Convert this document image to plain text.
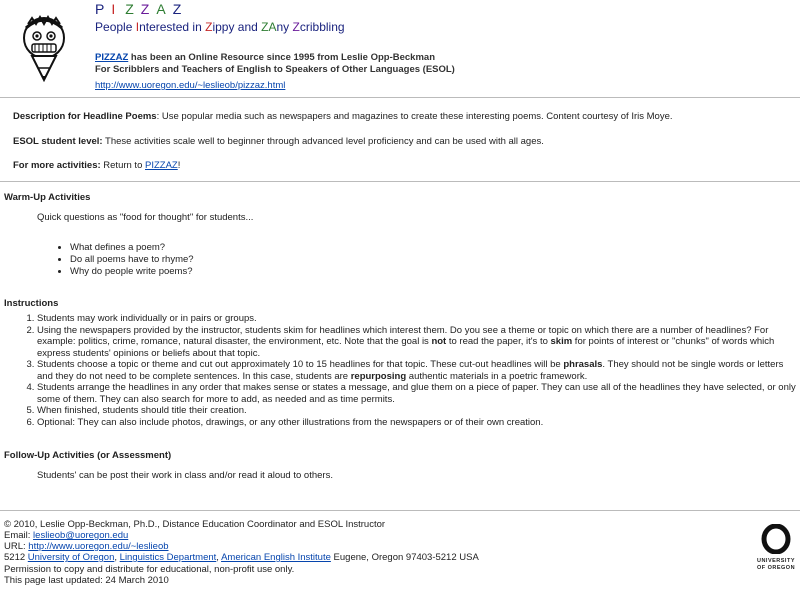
P I Z Z A Z
People Interested in Zippy and ZAny Zcribbling
PIZZAZ has been an Online Resource since 1995 from Leslie Opp-Beckman
For Scribblers and Teachers of English to Speakers of Other Languages (ESOL)
http://www.uoregon.edu/~leslieob/pizzaz.html

Description for Headline Poems: Use popular media such as newspapers and magazines to create these interesting poems. Content courtesy of Iris Moye.

ESOL student level: These activities scale well to beginner through advanced level proficiency and can be used with all ages.

For more activities: Return to PIZZAZ!

Warm-Up Activities
Quick questions as "food for thought" for students...
• What defines a poem?
• Do all poems have to rhyme?
• Why do people write poems?
Instructions
1. Students may work individually or in pairs or groups.
2. Using the newspapers provided by the instructor, students skim for headlines which interest them. Do you see a theme or topic on which there are a number of headlines? For example: politics, crime, romance, natural disaster, the environment, etc. Note that the goal is not to read the paper, it's to skim for points of interest or "chunks" of words which express students' opinions or beliefs about that topic.
3. Students choose a topic or theme and cut out approximately 10 to 15 headlines for that topic. These cut-out headlines will be phrasals. They should not be single words or letters and they do not need to be complete sentences. In this case, students are repurposing authentic materials in a poetric framework.
4. Students arrange the headlines in any order that makes sense or states a message, and glue them on a piece of paper. They can use all of the headlines they have selected, or only some of them. They can also search for more to add, as needed and as time permits.
5. When finished, students should title their creation.
6. Optional: They can also include photos, drawings, or any other illustrations from the newspapers or of their own creation.
Follow-Up Activities (or Assessment)
Students' can be post their work in class and/or read it aloud to others.
© 2010, Leslie Opp-Beckman, Ph.D., Distance Education Coordinator and ESOL Instructor
Email: leslieob@uoregon.edu
URL: http://www.uoregon.edu/~leslieob
5212 University of Oregon, Linguistics Department, American English Institute Eugene, Oregon 97403-5212 USA
Permission to copy and distribute for educational, non-profit use only.
This page last updated: 24 March 2010
UNIVERSITY
OF OREGON
